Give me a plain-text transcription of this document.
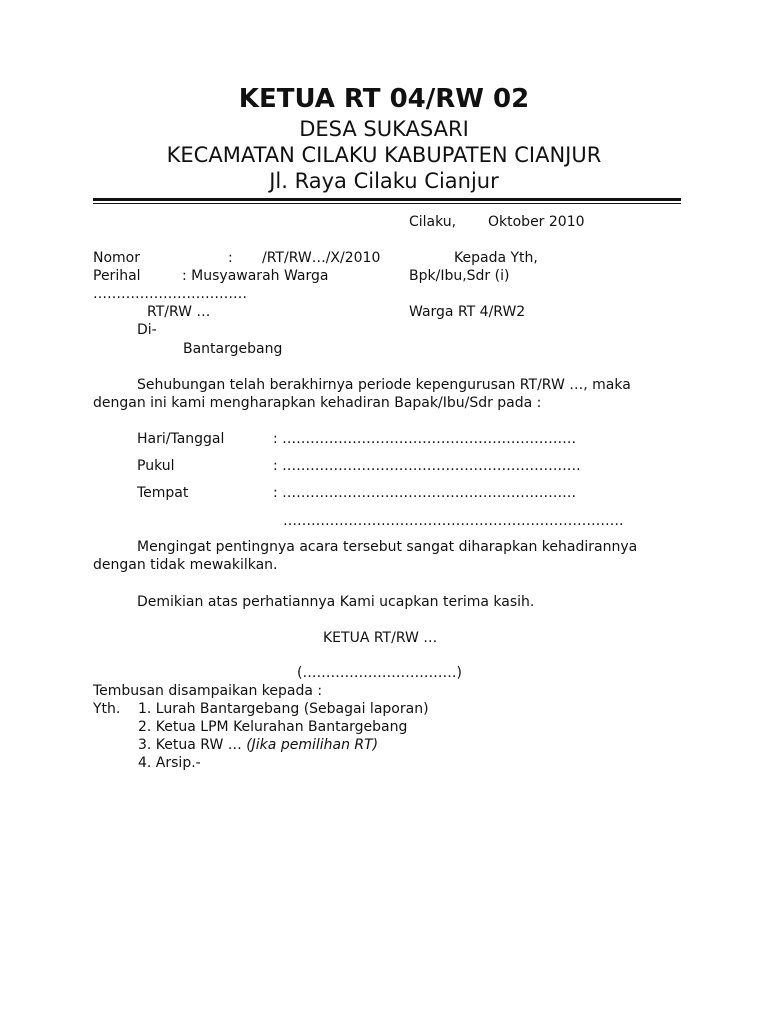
KETUA RT 04/RW 02
DESA SUKASARI
KECAMATAN CILAKU KABUPATEN CIANJUR
Jl. Raya Cilaku Cianjur
Cilaku, Oktober 2010
Nomor	: /RT/RW…/X/2010	Kepada Yth,
Perihal	: Musyawarah Warga	Bpk/Ibu,Sdr (i)
……………………………
RT/RW …	Warga RT 4/RW2
Di-
Bantargebang
Sehubungan telah berakhirnya periode kepengurusan RT/RW …, maka
dengan ini kami mengharapkan kehadiran Bapak/Ibu/Sdr pada :
Hari/Tanggal	: ………………………………………………………
Pukul	: ……………………………………………………….
Tempat	: ………………………………………………………
……………………………………………………………….
Mengingat pentingnya acara tersebut sangat diharapkan kehadirannya
dengan tidak mewakilkan.
Demikian atas perhatiannya Kami ucapkan terima kasih.
KETUA RT/RW …
(……………………………)
Tembusan disampaikan kepada :
Yth. 1. Lurah Bantargebang (Sebagai laporan)
2. Ketua LPM Kelurahan Bantargebang
3. Ketua RW … (Jika pemilihan RT)
4. Arsip.-
